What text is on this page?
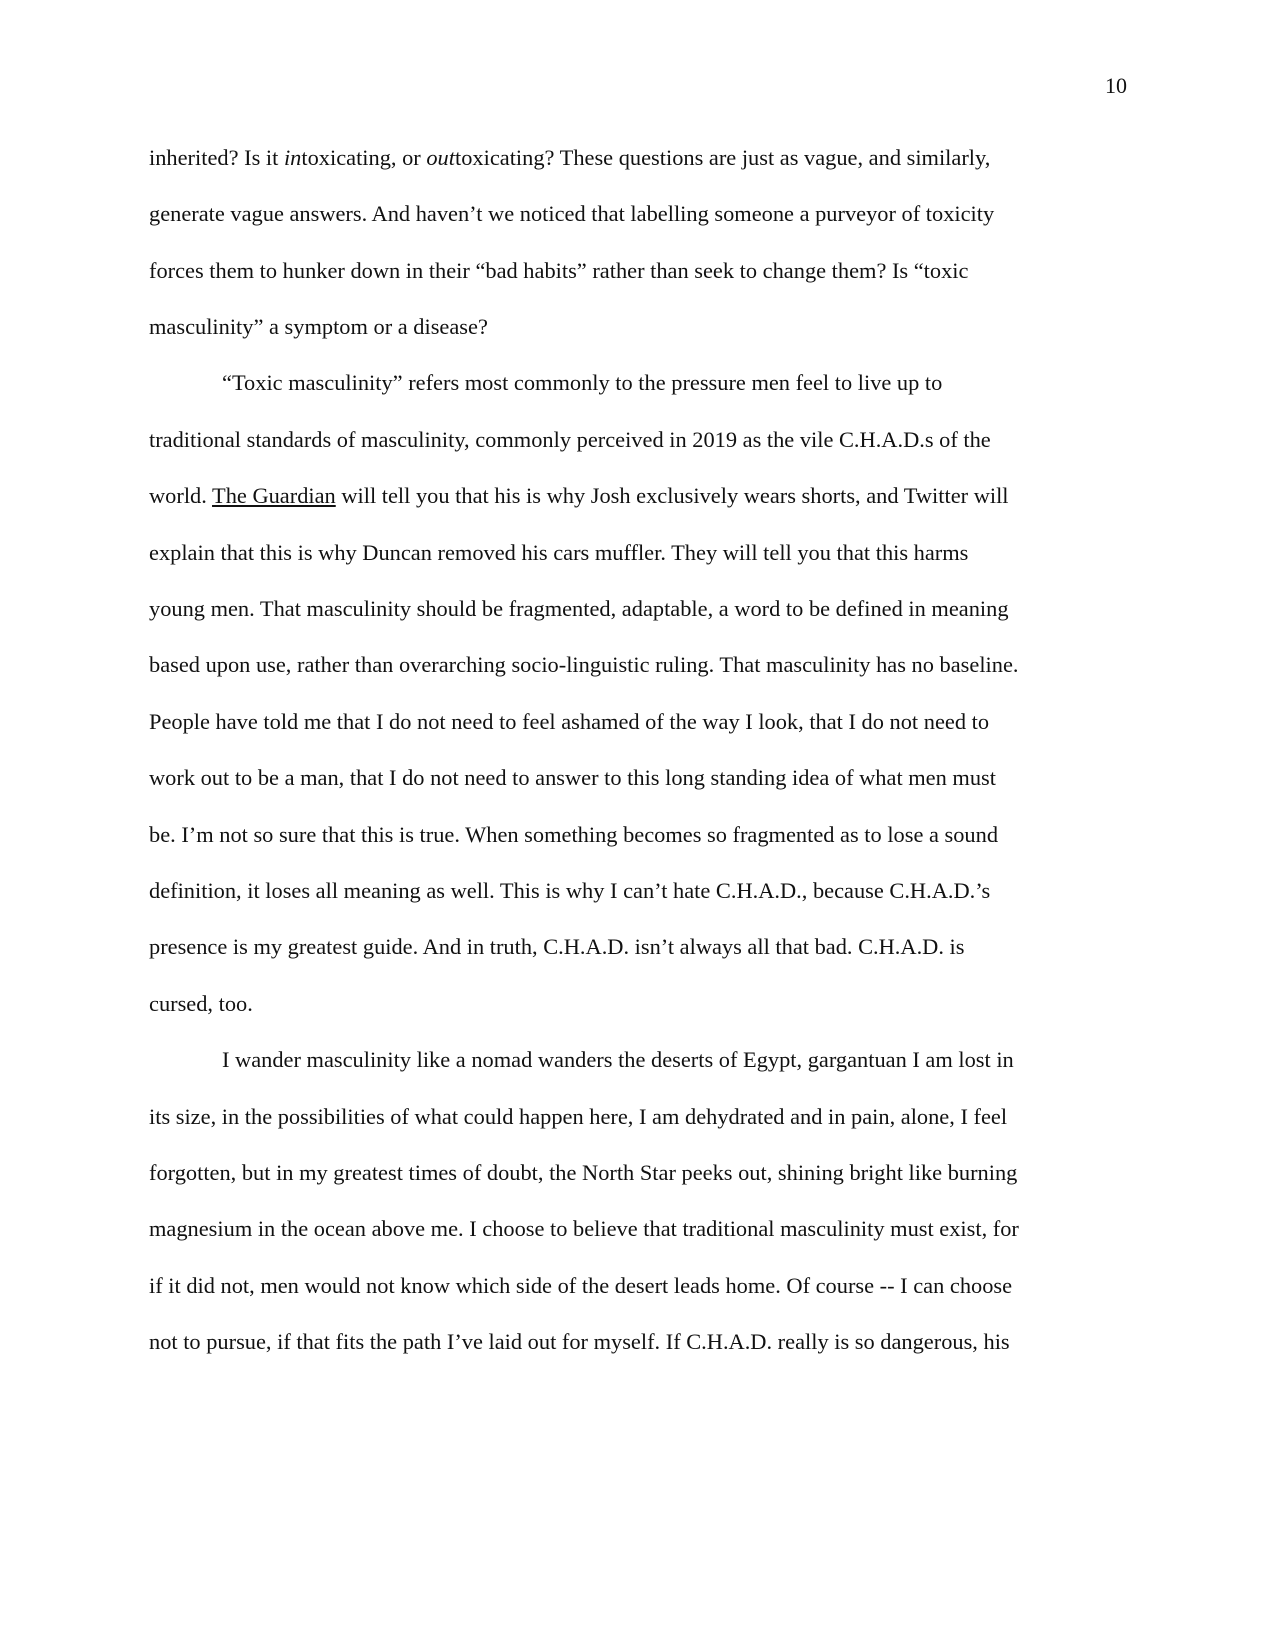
10
inherited? Is it intoxicating, or outtoxicating? These questions are just as vague, and similarly,
generate vague answers. And haven’t we noticed that labelling someone a purveyor of toxicity
forces them to hunker down in their “bad habits” rather than seek to change them? Is “toxic
masculinity” a symptom or a disease?
“Toxic masculinity” refers most commonly to the pressure men feel to live up to
traditional standards of masculinity, commonly perceived in 2019 as the vile C.H.A.D.s of the
world. The Guardian will tell you that his is why Josh exclusively wears shorts, and Twitter will
explain that this is why Duncan removed his cars muffler. They will tell you that this harms
young men. That masculinity should be fragmented, adaptable, a word to be defined in meaning
based upon use, rather than overarching socio-linguistic ruling. That masculinity has no baseline.
People have told me that I do not need to feel ashamed of the way I look, that I do not need to
work out to be a man, that I do not need to answer to this long standing idea of what men must
be. I’m not so sure that this is true. When something becomes so fragmented as to lose a sound
definition, it loses all meaning as well. This is why I can’t hate C.H.A.D., because C.H.A.D.’s
presence is my greatest guide. And in truth, C.H.A.D. isn’t always all that bad. C.H.A.D. is
cursed, too.
I wander masculinity like a nomad wanders the deserts of Egypt, gargantuan I am lost in
its size, in the possibilities of what could happen here, I am dehydrated and in pain, alone, I feel
forgotten, but in my greatest times of doubt, the North Star peeks out, shining bright like burning
magnesium in the ocean above me. I choose to believe that traditional masculinity must exist, for
if it did not, men would not know which side of the desert leads home. Of course -- I can choose
not to pursue, if that fits the path I’ve laid out for myself. If C.H.A.D. really is so dangerous, his
